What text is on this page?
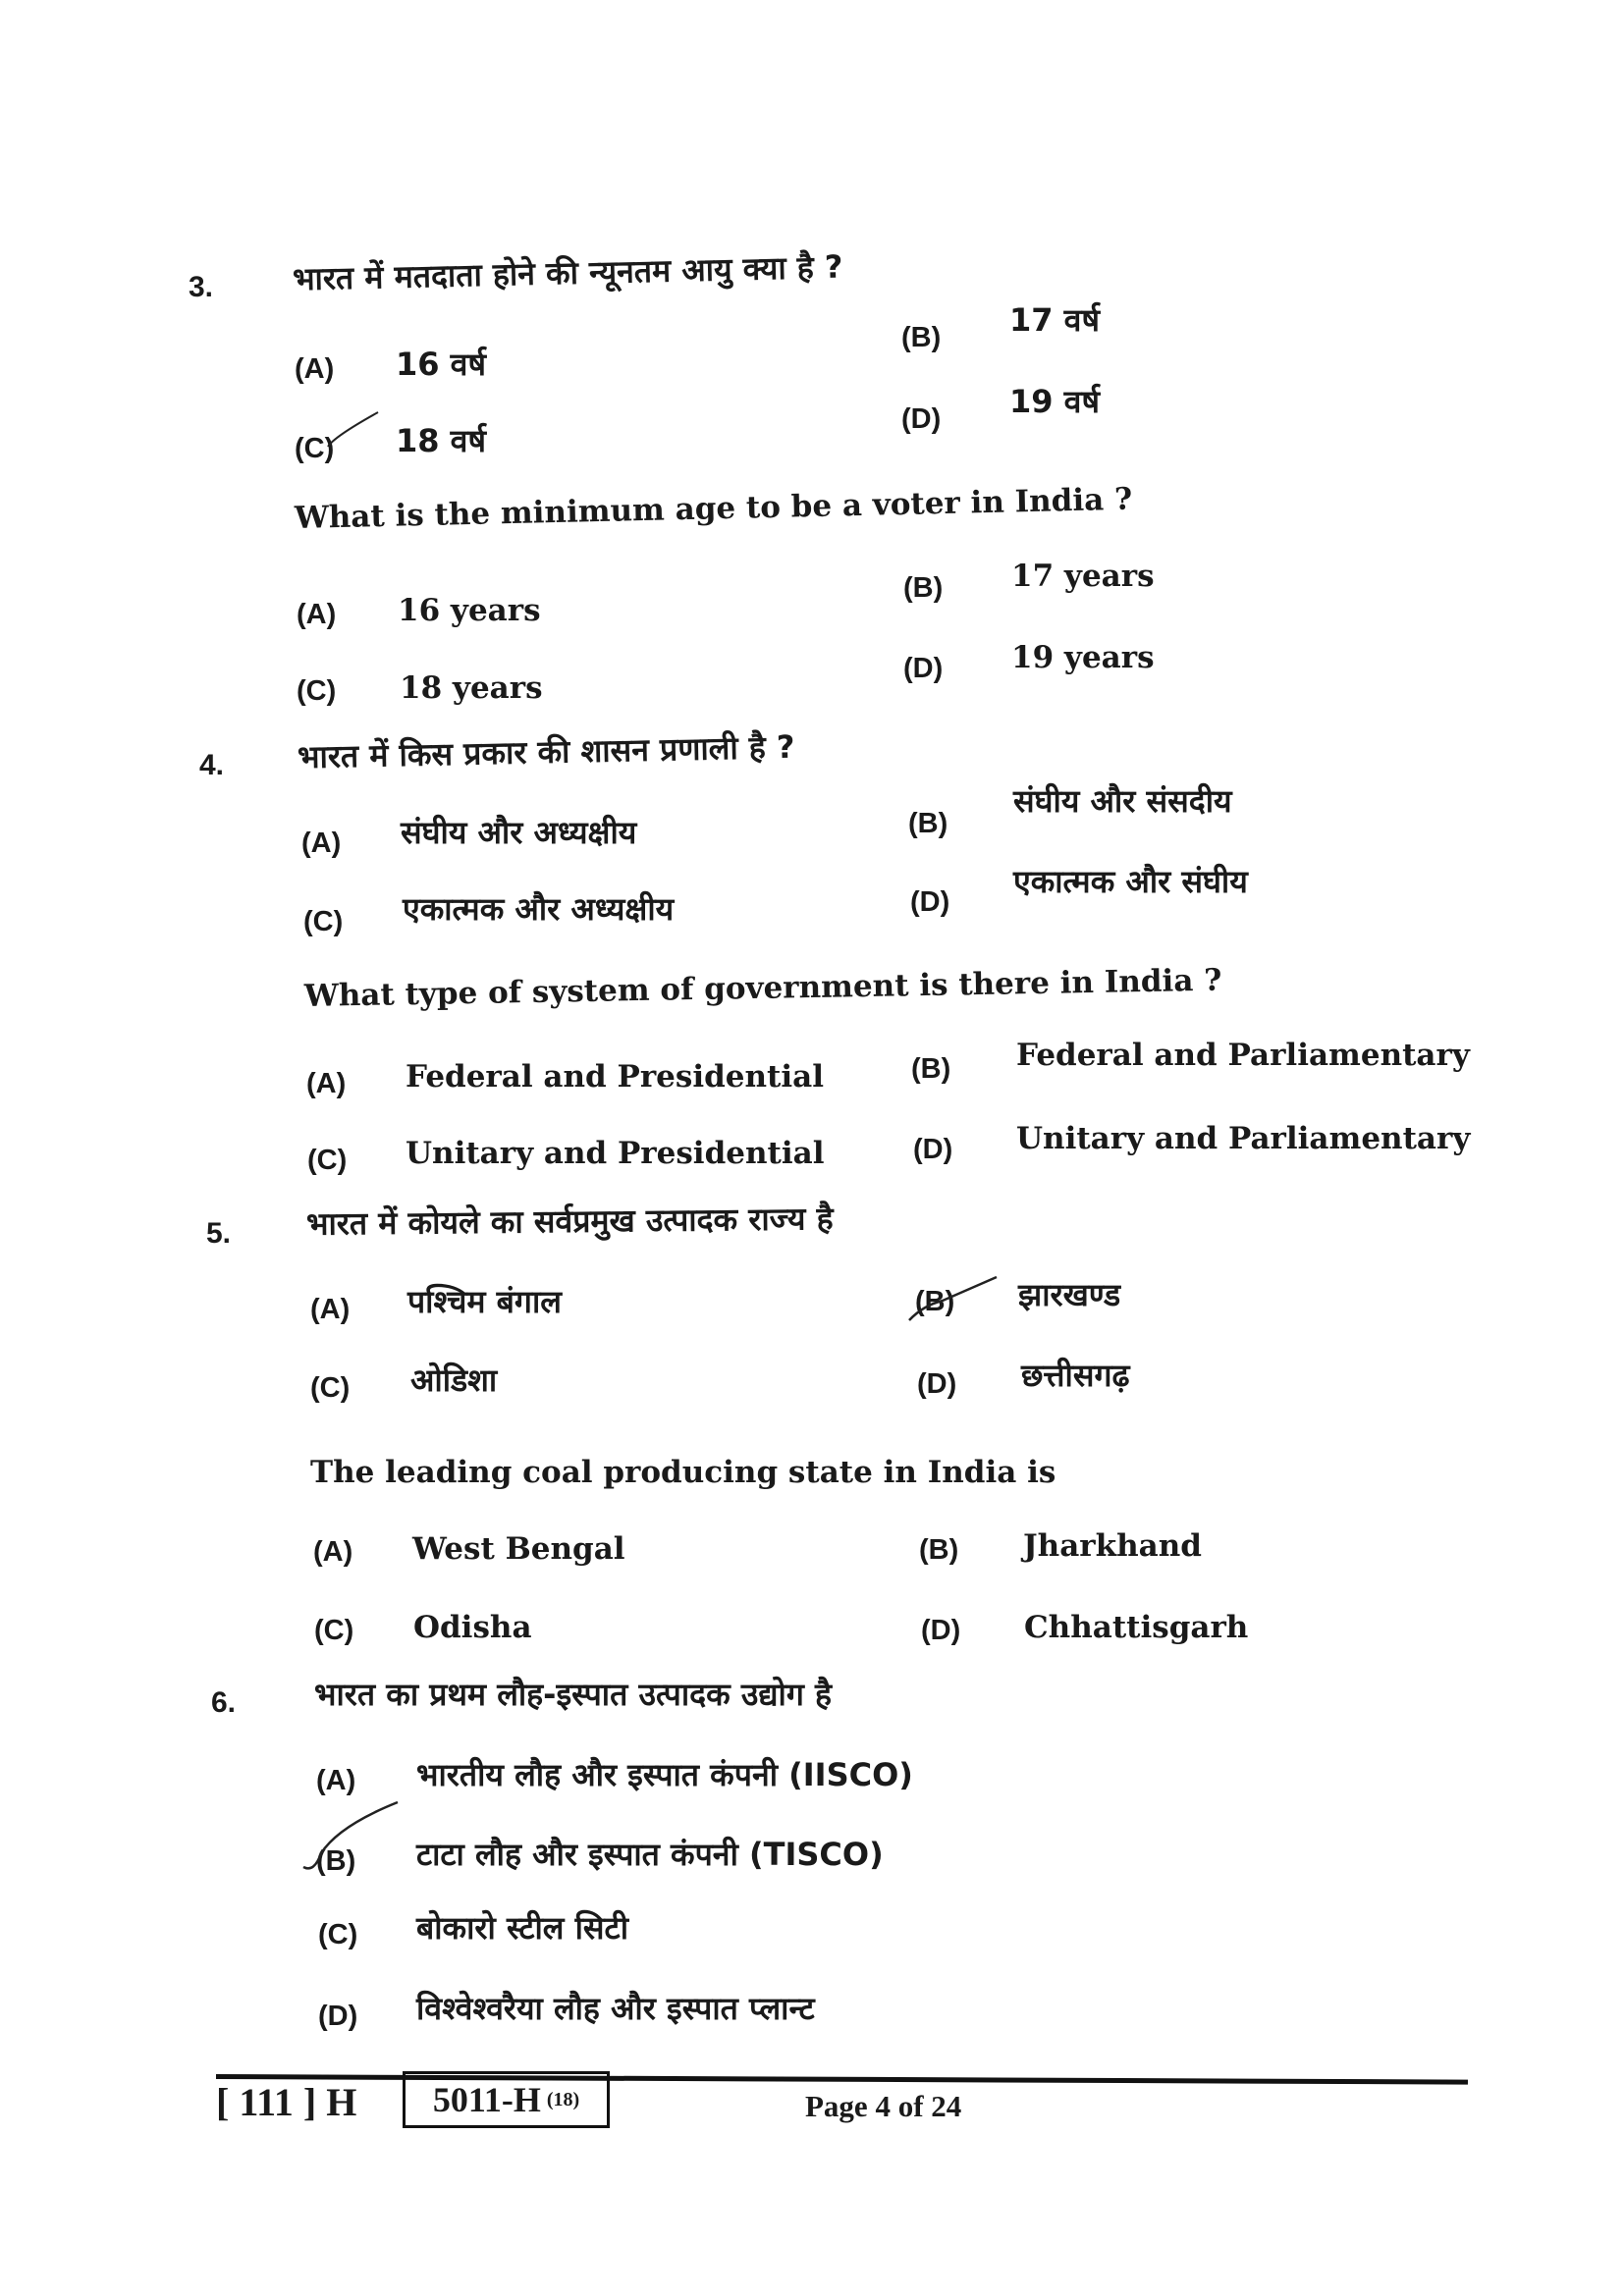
3.	भारत में मतदाता होने की न्यूनतम आयु क्या है ?
(A) 16 वर्ष
(B) 17 वर्ष
(C) 18 वर्ष
(D) 19 वर्ष
What is the minimum age to be a voter in India ?
(A) 16 years
(B) 17 years
(C) 18 years
(D) 19 years
4. भारत में किस प्रकार की शासन प्रणाली है ?
(A) संघीय और अध्यक्षीय	(B)
संघीय और संसदीय
(C) एकात्मक और अध्यक्षीय	(D)
एकात्मक और संघीय
What type of system of government is there in India ?
(A) Federal and Presidential	(B) Federal and Parliamentary
(C) Unitary and Presidential	(D) Unitary and Parliamentary
5. भारत में कोयले का सर्वप्रमुख उत्पादक राज्य है
(A) पश्चिम बंगाल	(B) झारखण्ड
(C) ओडिशा	(D) छत्तीसगढ़
The leading coal producing state in India is
(A) West Bengal	(B) Jharkhand
(C) Odisha	(D) Chhattisgarh
6. भारत का प्रथम लौह-इस्पात उत्पादक उद्योग है
(A) भारतीय लौह और इस्पात कंपनी (IISCO)
(B) टाटा लौह और इस्पात कंपनी (TISCO)
(C) बोकारो स्टील सिटी
(D) विश्वेश्वरैया लौह और इस्पात प्लान्ट
[ 111 ] H 5011-H (18)	Page 4 of 24
